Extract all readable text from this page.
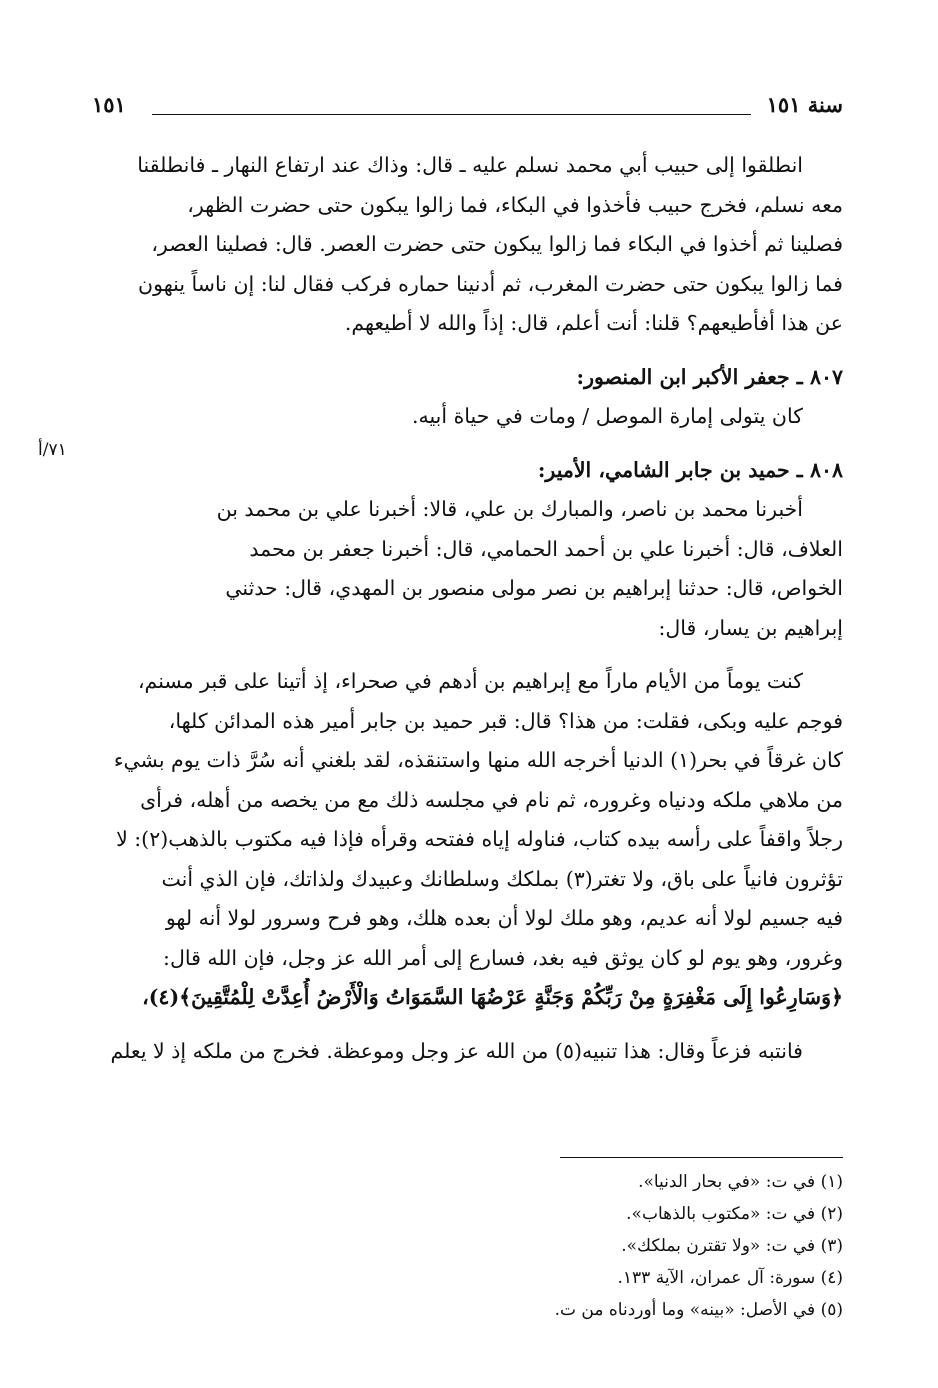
سنة ١٥١
١٥١
٧١/أ
انطلقوا إلى حبيب أبي محمد نسلم عليه ـ قال: وذاك عند ارتفاع النهار ـ فانطلقنا
معه نسلم، فخرج حبيب فأخذوا في البكاء، فما زالوا يبكون حتى حضرت الظهر،
فصلينا ثم أخذوا في البكاء فما زالوا يبكون حتى حضرت العصر. قال: فصلينا العصر،
فما زالوا يبكون حتى حضرت المغرب، ثم أدنينا حماره فركب فقال لنا: إن ناساً ينهون
عن هذا أفأطيعهم؟ قلنا: أنت أعلم، قال: إذاً والله لا أطيعهم.
٨٠٧ ـ جعفر الأكبر ابن المنصور:
كان يتولى إمارة الموصل / ومات في حياة أبيه.
٨٠٨ ـ حميد بن جابر الشامي، الأمير:
أخبرنا محمد بن ناصر، والمبارك بن علي، قالا: أخبرنا علي بن محمد بن
العلاف، قال: أخبرنا علي بن أحمد الحمامي، قال: أخبرنا جعفر بن محمد
الخواص، قال: حدثنا إبراهيم بن نصر مولى منصور بن المهدي، قال: حدثني
إبراهيم بن يسار، قال:
كنت يوماً من الأيام ماراً مع إبراهيم بن أدهم في صحراء، إذ أتينا على قبر مسنم،
فوجم عليه وبكى، فقلت: من هذا؟ قال: قبر حميد بن جابر أمير هذه المدائن كلها،
كان غرقاً في بحر(١) الدنيا أخرجه الله منها واستنقذه، لقد بلغني أنه سُرَّ ذات يوم بشيء
من ملاهي ملكه ودنياه وغروره، ثم نام في مجلسه ذلك مع من يخصه من أهله، فرأى
رجلاً واقفاً على رأسه بيده كتاب، فناوله إياه ففتحه وقرأه فإذا فيه مكتوب بالذهب(٢): لا
تؤثرون فانياً على باق، ولا تغتر(٣) بملكك وسلطانك وعبيدك ولذاتك، فإن الذي أنت
فيه جسيم لولا أنه عديم، وهو ملك لولا أن بعده هلك، وهو فرح وسرور لولا أنه لهو
وغرور، وهو يوم لو كان يوثق فيه بغد، فسارع إلى أمر الله عز وجل، فإن الله قال:
﴿وَسَارِعُوا إِلَى مَغْفِرَةٍ مِنْ رَبِّكُمْ وَجَنَّةٍ عَرْضُهَا السَّمَوَاتُ وَالْأَرْضُ أُعِدَّتْ لِلْمُتَّقِينَ﴾(٤)،
فانتبه فزعاً وقال: هذا تنبيه(٥) من الله عز وجل وموعظة. فخرج من ملكه إذ لا يعلم
(١) في ت: «في بحار الدنيا».
(٢) في ت: «مكتوب بالذهاب».
(٣) في ت: «ولا تقترن بملكك».
(٤) سورة: آل عمران، الآية ١٣٣.
(٥) في الأصل: «بينه» وما أوردناه من ت.
